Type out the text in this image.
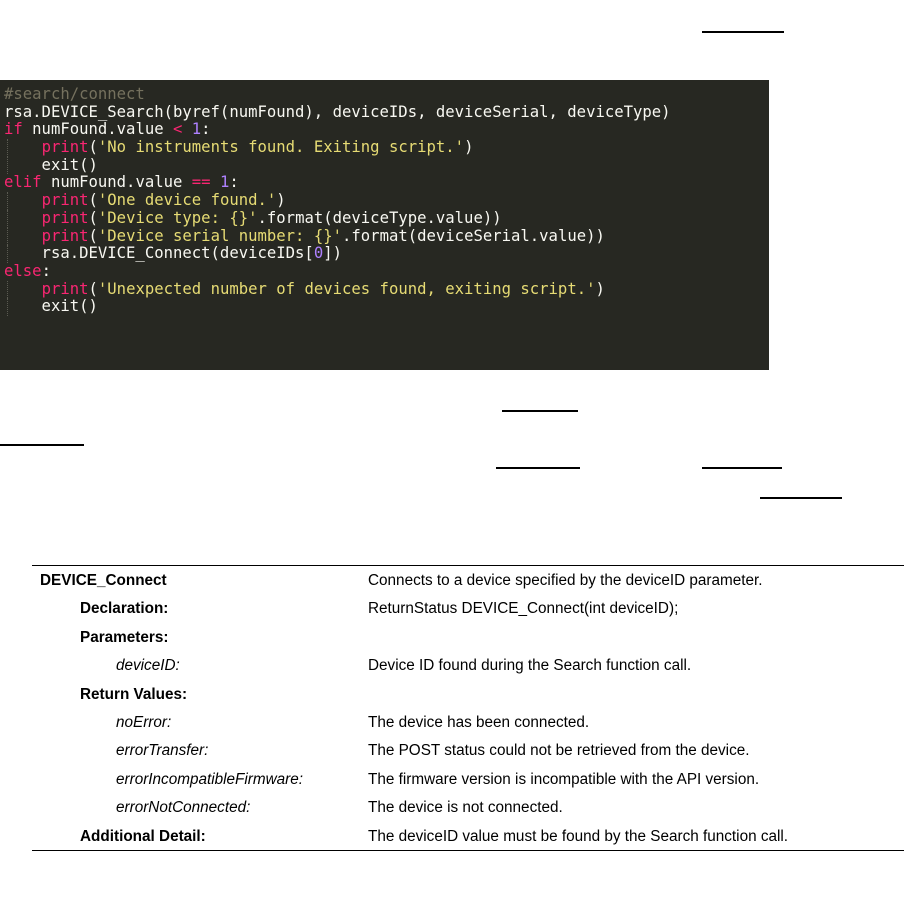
#search/connect
rsa.DEVICE_Search(byref(numFound), deviceIDs, deviceSerial, deviceType)
if numFound.value < 1:
print('No instruments found. Exiting script.')
exit()
elif numFound.value == 1:
print('One device found.')
print('Device type: {}'.format(deviceType.value))
print('Device serial number: {}'.format(deviceSerial.value))
rsa.DEVICE_Connect(deviceIDs[0])
else:
print('Unexpected number of devices found, exiting script.')
exit()
DEVICE_Connect	Connects to a device specified by the deviceID parameter.
Declaration:	ReturnStatus DEVICE_Connect(int deviceID);
Parameters:
deviceID:	Device ID found during the Search function call.
Return Values:
noError:	The device has been connected.
errorTransfer:	The POST status could not be retrieved from the device.
errorIncompatibleFirmware:	The firmware version is incompatible with the API version.
errorNotConnected:	The device is not connected.
Additional Detail:	The deviceID value must be found by the Search function call.
